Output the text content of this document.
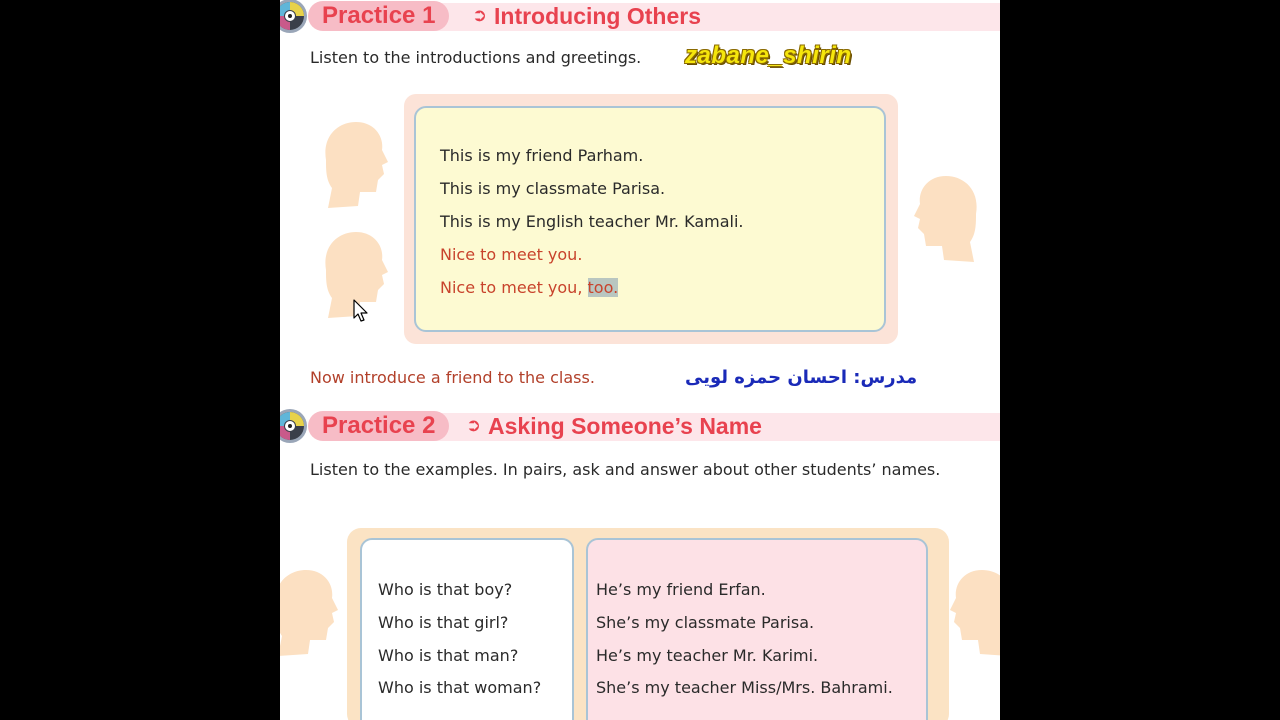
Practice 1	➲ Introducing Others
Listen to the introductions and greetings. zabane_shirin
This is my friend Parham.
This is my classmate Parisa.
This is my English teacher Mr. Kamali.
Nice to meet you.
Nice to meet you, too.
Now introduce a friend to the class.	مدرس: احسان حمزه لویی
Practice 2	➲ Asking Someone’s Name
Listen to the examples. In pairs, ask and answer about other students’ names.
Who is that boy?
Who is that girl?
Who is that man?
Who is that woman?
He’s my friend Erfan.
She’s my classmate Parisa.
He’s my teacher Mr. Karimi.
She’s my teacher Miss/Mrs. Bahrami.
